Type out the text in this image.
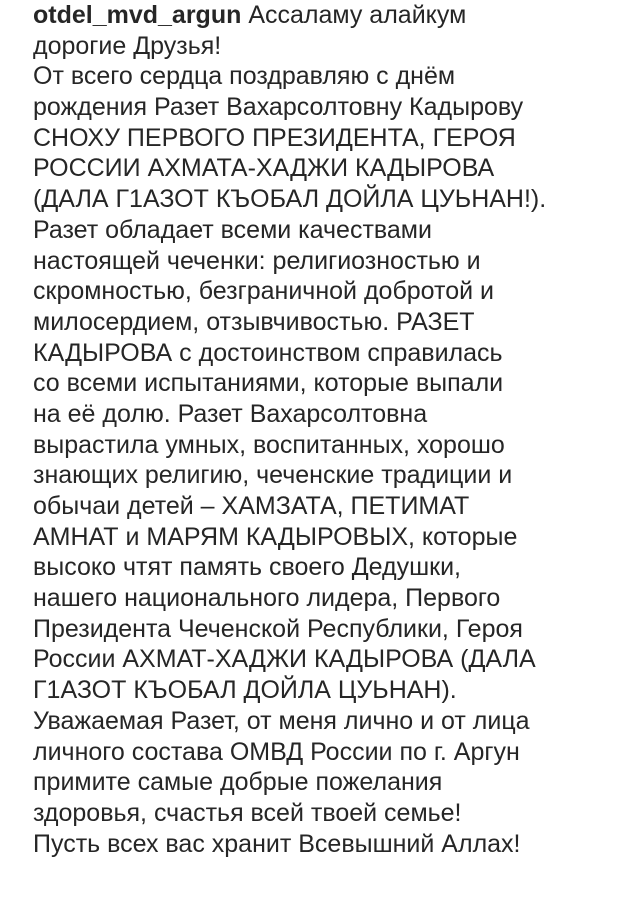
otdel_mvd_argun Ассаламу алайкум
дорогие Друзья!
От всего сердца поздравляю с днём
рождения Разет Вахарсолтовну Кадырову
СНОХУ ПЕРВОГО ПРЕЗИДЕНТА, ГЕРОЯ
РОССИИ АХМАТА-ХАДЖИ КАДЫРОВА
(ДАЛА Г1АЗОТ КЪОБАЛ ДОЙЛА ЦУЬНАН!).
Разет обладает всеми качествами
настоящей чеченки: религиозностью и
скромностью, безграничной добротой и
милосердием, отзывчивостью. РАЗЕТ
КАДЫРОВА с достоинством справилась
со всеми испытаниями, которые выпали
на её долю. Разет Вахарсолтовна
вырастила умных, воспитанных, хорошо
знающих религию, чеченские традиции и
обычаи детей – ХАМЗАТА, ПЕТИМАТ
АМНАТ и МАРЯМ КАДЫРОВЫХ, которые
высоко чтят память своего Дедушки,
нашего национального лидера, Первого
Президента Чеченской Республики, Героя
России АХМАТ-ХАДЖИ КАДЫРОВА (ДАЛА
Г1АЗОТ КЪОБАЛ ДОЙЛА ЦУЬНАН).
Уважаемая Разет, от меня лично и от лица
личного состава ОМВД России по г. Аргун
примите самые добрые пожелания
здоровья, счастья всей твоей семье!
Пусть всех вас хранит Всевышний Аллах!
